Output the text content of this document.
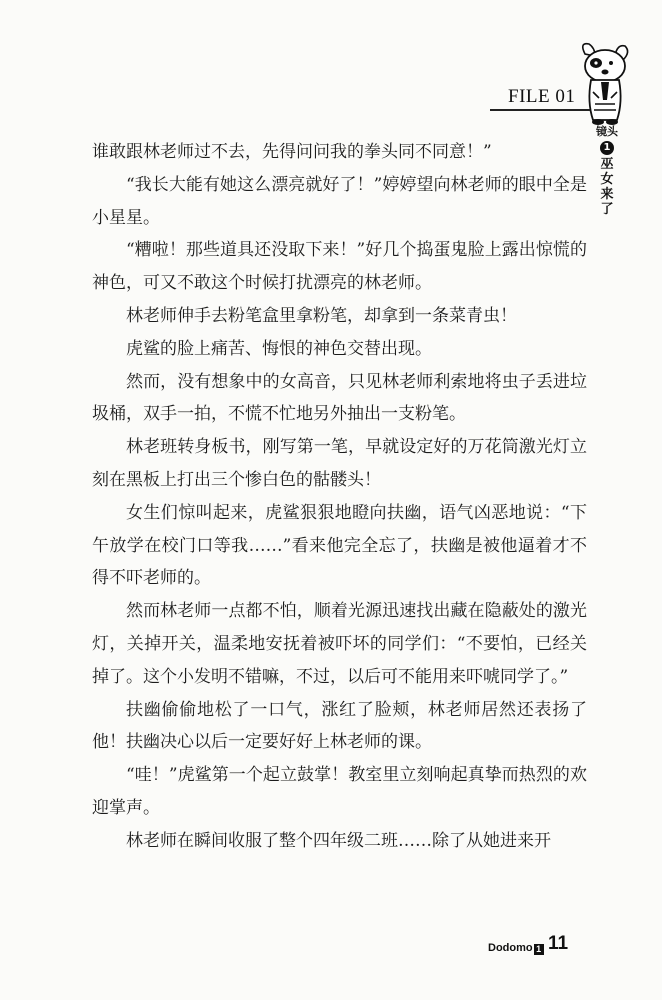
FILE 01
镜头
1
巫女来了

谁敢跟林老师过不去，先得问问我的拳头同不同意！”

“我长大能有她这么漂亮就好了！”婷婷望向林老师的眼中全是小星星。

“糟啦！那些道具还没取下来！”好几个捣蛋鬼脸上露出惊慌的神色，可又不敢这个时候打扰漂亮的林老师。

林老师伸手去粉笔盒里拿粉笔，却拿到一条菜青虫！

虎鲨的脸上痛苦、悔恨的神色交替出现。

然而，没有想象中的女高音，只见林老师利索地将虫子丢进垃圾桶，双手一拍，不慌不忙地另外抽出一支粉笔。

林老班转身板书，刚写第一笔，早就设定好的万花筒激光灯立刻在黑板上打出三个惨白色的骷髅头！

女生们惊叫起来，虎鲨狠狠地瞪向扶幽，语气凶恶地说：“下午放学在校门口等我……”看来他完全忘了，扶幽是被他逼着才不得不吓老师的。

然而林老师一点都不怕，顺着光源迅速找出藏在隐蔽处的激光灯，关掉开关，温柔地安抚着被吓坏的同学们：“不要怕，已经关掉了。这个小发明不错嘛，不过，以后可不能用来吓唬同学了。”

扶幽偷偷地松了一口气，涨红了脸颊，林老师居然还表扬了他！扶幽决心以后一定要好好上林老师的课。

“哇！”虎鲨第一个起立鼓掌！教室里立刻响起真挚而热烈的欢迎掌声。

林老师在瞬间收服了整个四年级二班……除了从她进来开

Dodomo 1 11
